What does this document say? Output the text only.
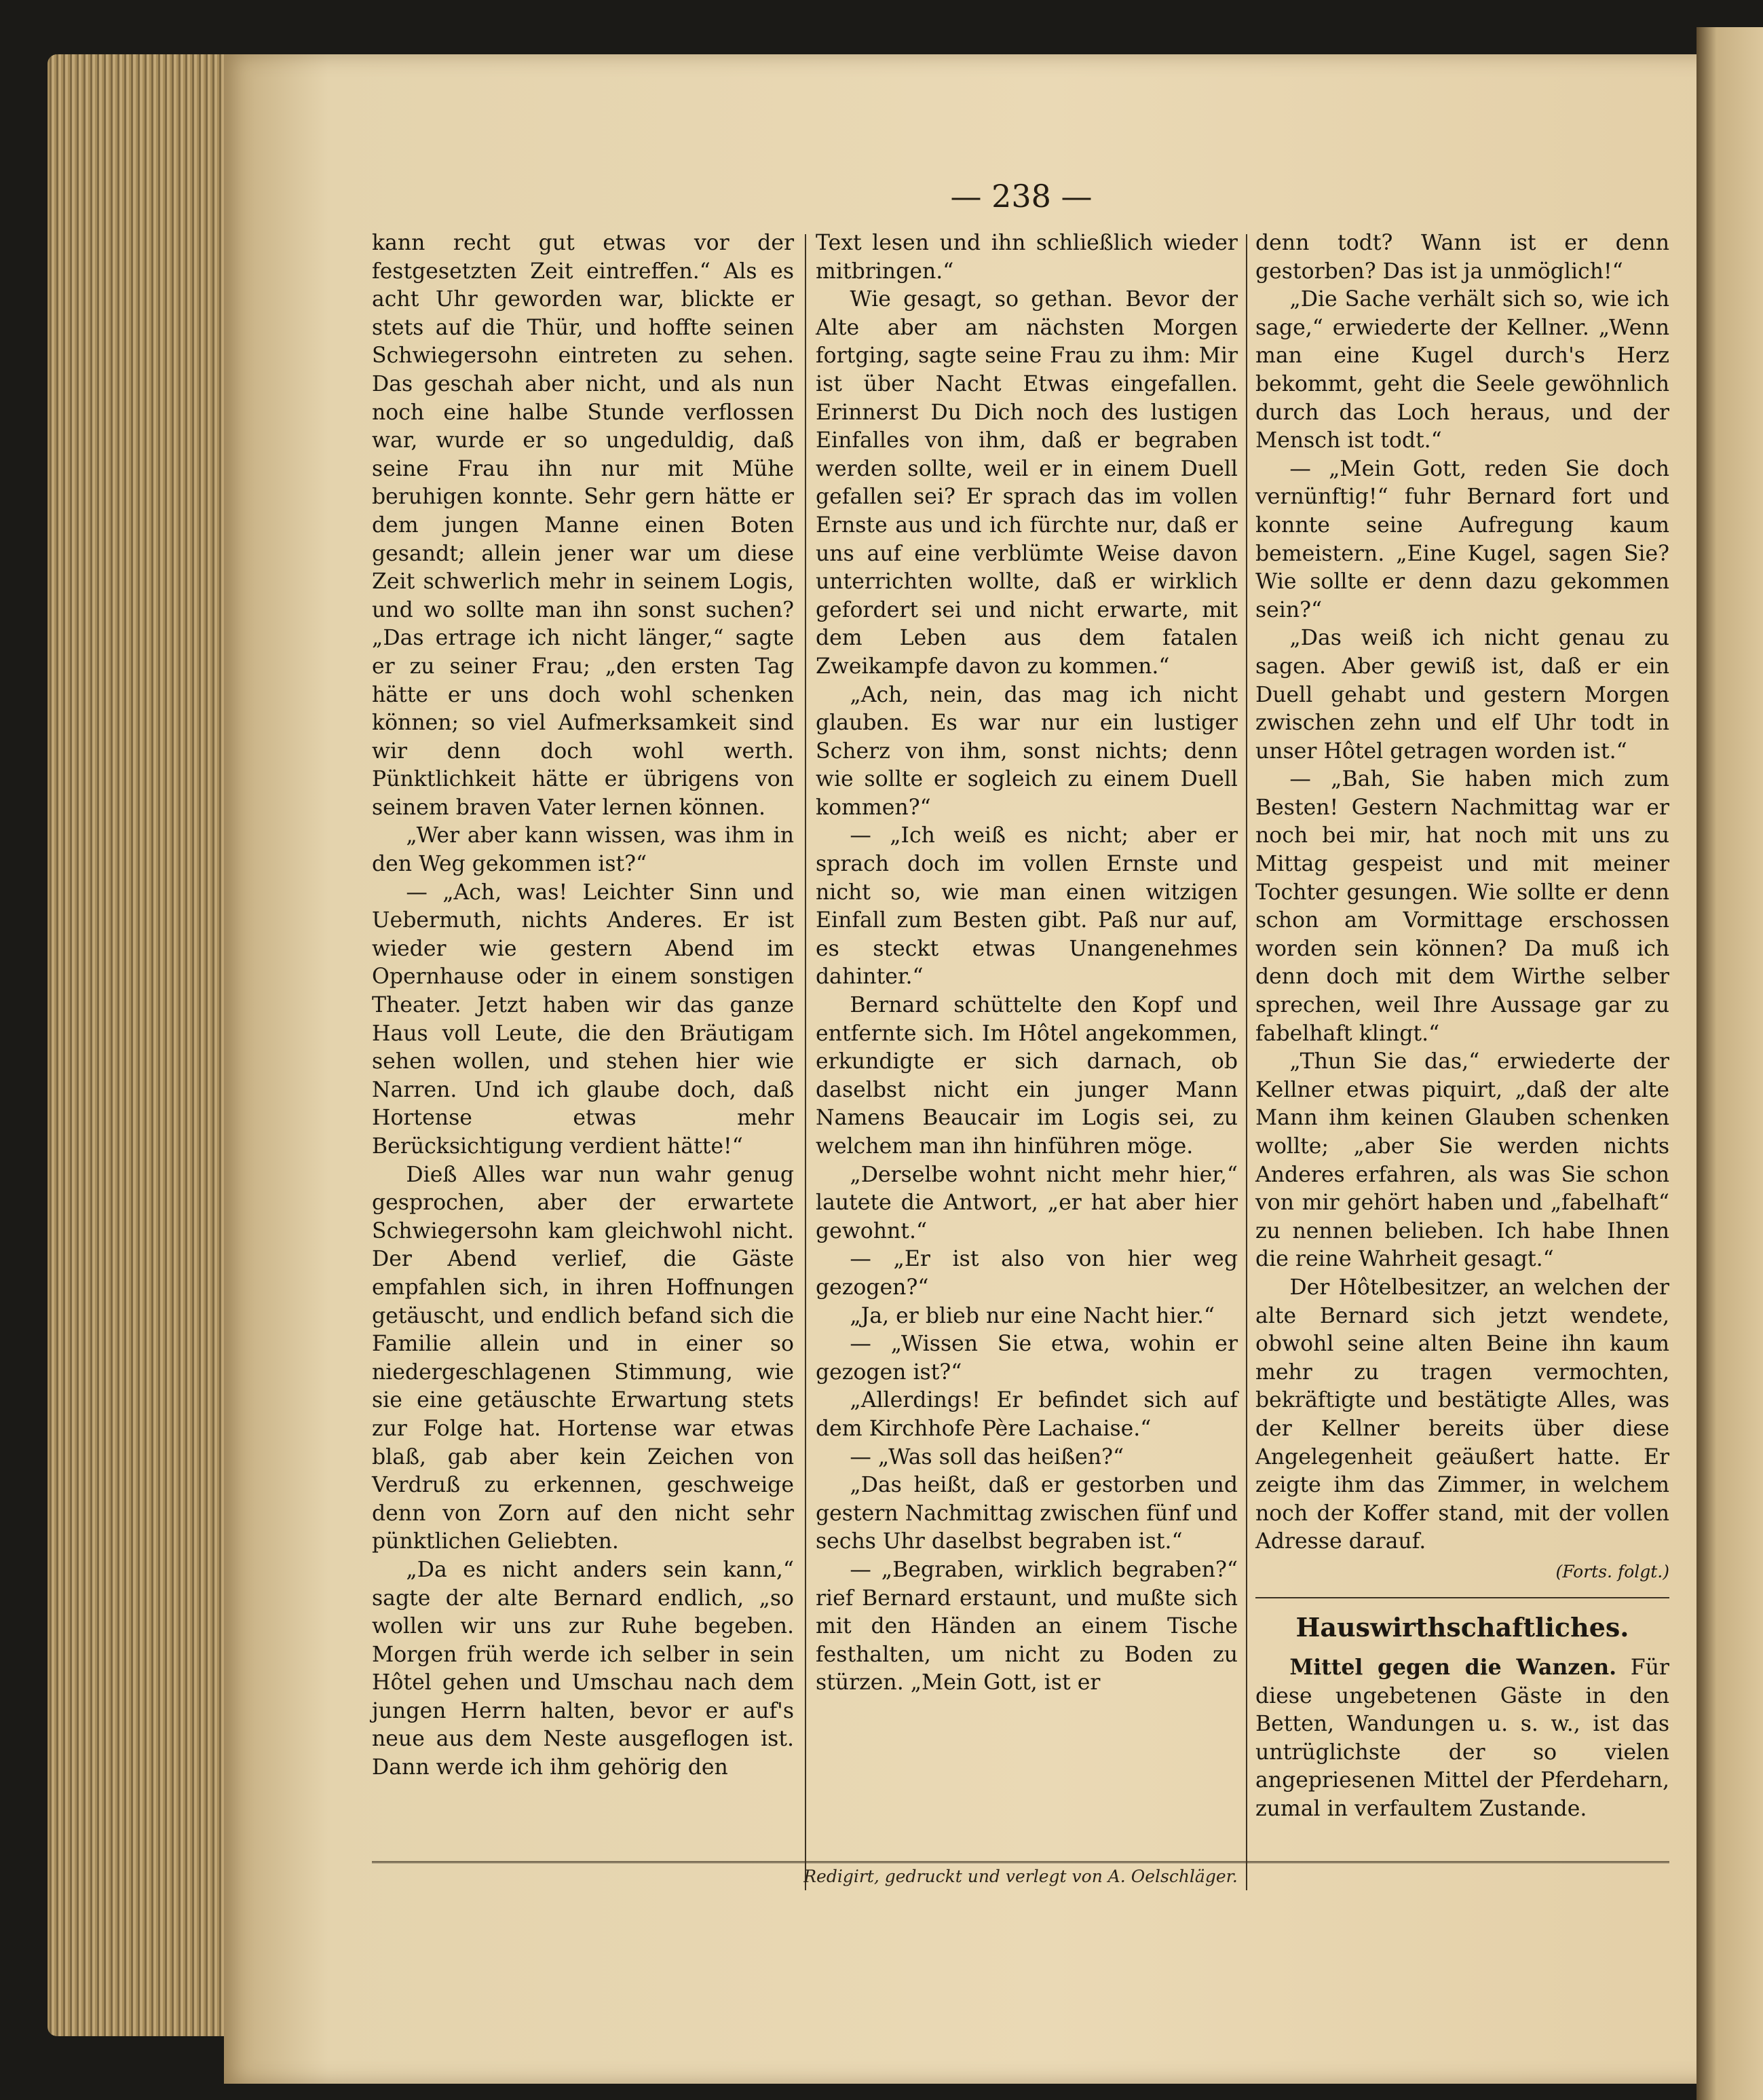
— 238 —

kann recht gut etwas vor der festgesetzten Zeit eintreffen.“ Als es acht Uhr geworden war, blickte er stets auf die Thür, und hoffte seinen Schwiegersohn eintreten zu sehen. Das geschah aber nicht, und als nun noch eine halbe Stunde verflossen war, wurde er so ungeduldig, daß seine Frau ihn nur mit Mühe beruhigen konnte. Sehr gern hätte er dem jungen Manne einen Boten gesandt; allein jener war um diese Zeit schwerlich mehr in seinem Logis, und wo sollte man ihn sonst suchen? „Das ertrage ich nicht länger,“ sagte er zu seiner Frau; „den ersten Tag hätte er uns doch wohl schenken können; so viel Aufmerksamkeit sind wir denn doch wohl werth. Pünktlichkeit hätte er übrigens von seinem braven Vater lernen können.

„Wer aber kann wissen, was ihm in den Weg gekommen ist?“

— „Ach, was! Leichter Sinn und Uebermuth, nichts Anderes. Er ist wieder wie gestern Abend im Opernhause oder in einem sonstigen Theater. Jetzt haben wir das ganze Haus voll Leute, die den Bräutigam sehen wollen, und stehen hier wie Narren. Und ich glaube doch, daß Hortense etwas mehr Berücksichtigung verdient hätte!“

Dieß Alles war nun wahr genug gesprochen, aber der erwartete Schwiegersohn kam gleichwohl nicht. Der Abend verlief, die Gäste empfahlen sich, in ihren Hoffnungen getäuscht, und endlich befand sich die Familie allein und in einer so niedergeschlagenen Stimmung, wie sie eine getäuschte Erwartung stets zur Folge hat. Hortense war etwas blaß, gab aber kein Zeichen von Verdruß zu erkennen, geschweige denn von Zorn auf den nicht sehr pünktlichen Geliebten.

„Da es nicht anders sein kann,“ sagte der alte Bernard endlich, „so wollen wir uns zur Ruhe begeben. Morgen früh werde ich selber in sein Hôtel gehen und Umschau nach dem jungen Herrn halten, bevor er auf's neue aus dem Neste ausgeflogen ist. Dann werde ich ihm gehörig den

Text lesen und ihn schließlich wieder mitbringen.“

Wie gesagt, so gethan. Bevor der Alte aber am nächsten Morgen fortging, sagte seine Frau zu ihm: Mir ist über Nacht Etwas eingefallen. Erinnerst Du Dich noch des lustigen Einfalles von ihm, daß er begraben werden sollte, weil er in einem Duell gefallen sei? Er sprach das im vollen Ernste aus und ich fürchte nur, daß er uns auf eine verblümte Weise davon unterrichten wollte, daß er wirklich gefordert sei und nicht erwarte, mit dem Leben aus dem fatalen Zweikampfe davon zu kommen.“

„Ach, nein, das mag ich nicht glauben. Es war nur ein lustiger Scherz von ihm, sonst nichts; denn wie sollte er sogleich zu einem Duell kommen?“

— „Ich weiß es nicht; aber er sprach doch im vollen Ernste und nicht so, wie man einen witzigen Einfall zum Besten gibt. Paß nur auf, es steckt etwas Unangenehmes dahinter.“

Bernard schüttelte den Kopf und entfernte sich. Im Hôtel angekommen, erkundigte er sich darnach, ob daselbst nicht ein junger Mann Namens Beaucair im Logis sei, zu welchem man ihn hinführen möge.

„Derselbe wohnt nicht mehr hier,“ lautete die Antwort, „er hat aber hier gewohnt.“

— „Er ist also von hier weg gezogen?“

„Ja, er blieb nur eine Nacht hier.“

— „Wissen Sie etwa, wohin er gezogen ist?“

„Allerdings! Er befindet sich auf dem Kirchhofe Père Lachaise.“

— „Was soll das heißen?“

„Das heißt, daß er gestorben und gestern Nachmittag zwischen fünf und sechs Uhr daselbst begraben ist.“

— „Begraben, wirklich begraben?“ rief Bernard erstaunt, und mußte sich mit den Händen an einem Tische festhalten, um nicht zu Boden zu stürzen. „Mein Gott, ist er

denn todt? Wann ist er denn gestorben? Das ist ja unmöglich!“

„Die Sache verhält sich so, wie ich sage,“ erwiederte der Kellner. „Wenn man eine Kugel durch's Herz bekommt, geht die Seele gewöhnlich durch das Loch heraus, und der Mensch ist todt.“

— „Mein Gott, reden Sie doch vernünftig!“ fuhr Bernard fort und konnte seine Aufregung kaum bemeistern. „Eine Kugel, sagen Sie? Wie sollte er denn dazu gekommen sein?“

„Das weiß ich nicht genau zu sagen. Aber gewiß ist, daß er ein Duell gehabt und gestern Morgen zwischen zehn und elf Uhr todt in unser Hôtel getragen worden ist.“

— „Bah, Sie haben mich zum Besten! Gestern Nachmittag war er noch bei mir, hat noch mit uns zu Mittag gespeist und mit meiner Tochter gesungen. Wie sollte er denn schon am Vormittage erschossen worden sein können? Da muß ich denn doch mit dem Wirthe selber sprechen, weil Ihre Aussage gar zu fabelhaft klingt.“

„Thun Sie das,“ erwiederte der Kellner etwas piquirt, „daß der alte Mann ihm keinen Glauben schenken wollte; „aber Sie werden nichts Anderes erfahren, als was Sie schon von mir gehört haben und „fabelhaft“ zu nennen belieben. Ich habe Ihnen die reine Wahrheit gesagt.“

Der Hôtelbesitzer, an welchen der alte Bernard sich jetzt wendete, obwohl seine alten Beine ihn kaum mehr zu tragen vermochten, bekräftigte und bestätigte Alles, was der Kellner bereits über diese Angelegenheit geäußert hatte. Er zeigte ihm das Zimmer, in welchem noch der Koffer stand, mit der vollen Adresse darauf.

(Forts. folgt.)
Hauswirthschaftliches.

Mittel gegen die Wanzen. Für diese ungebetenen Gäste in den Betten, Wandungen u. s. w., ist das untrüglichste der so vielen angepriesenen Mittel der Pferdeharn, zumal in verfaultem Zustande.

Redigirt, gedruckt und verlegt von A. Oelschläger.
